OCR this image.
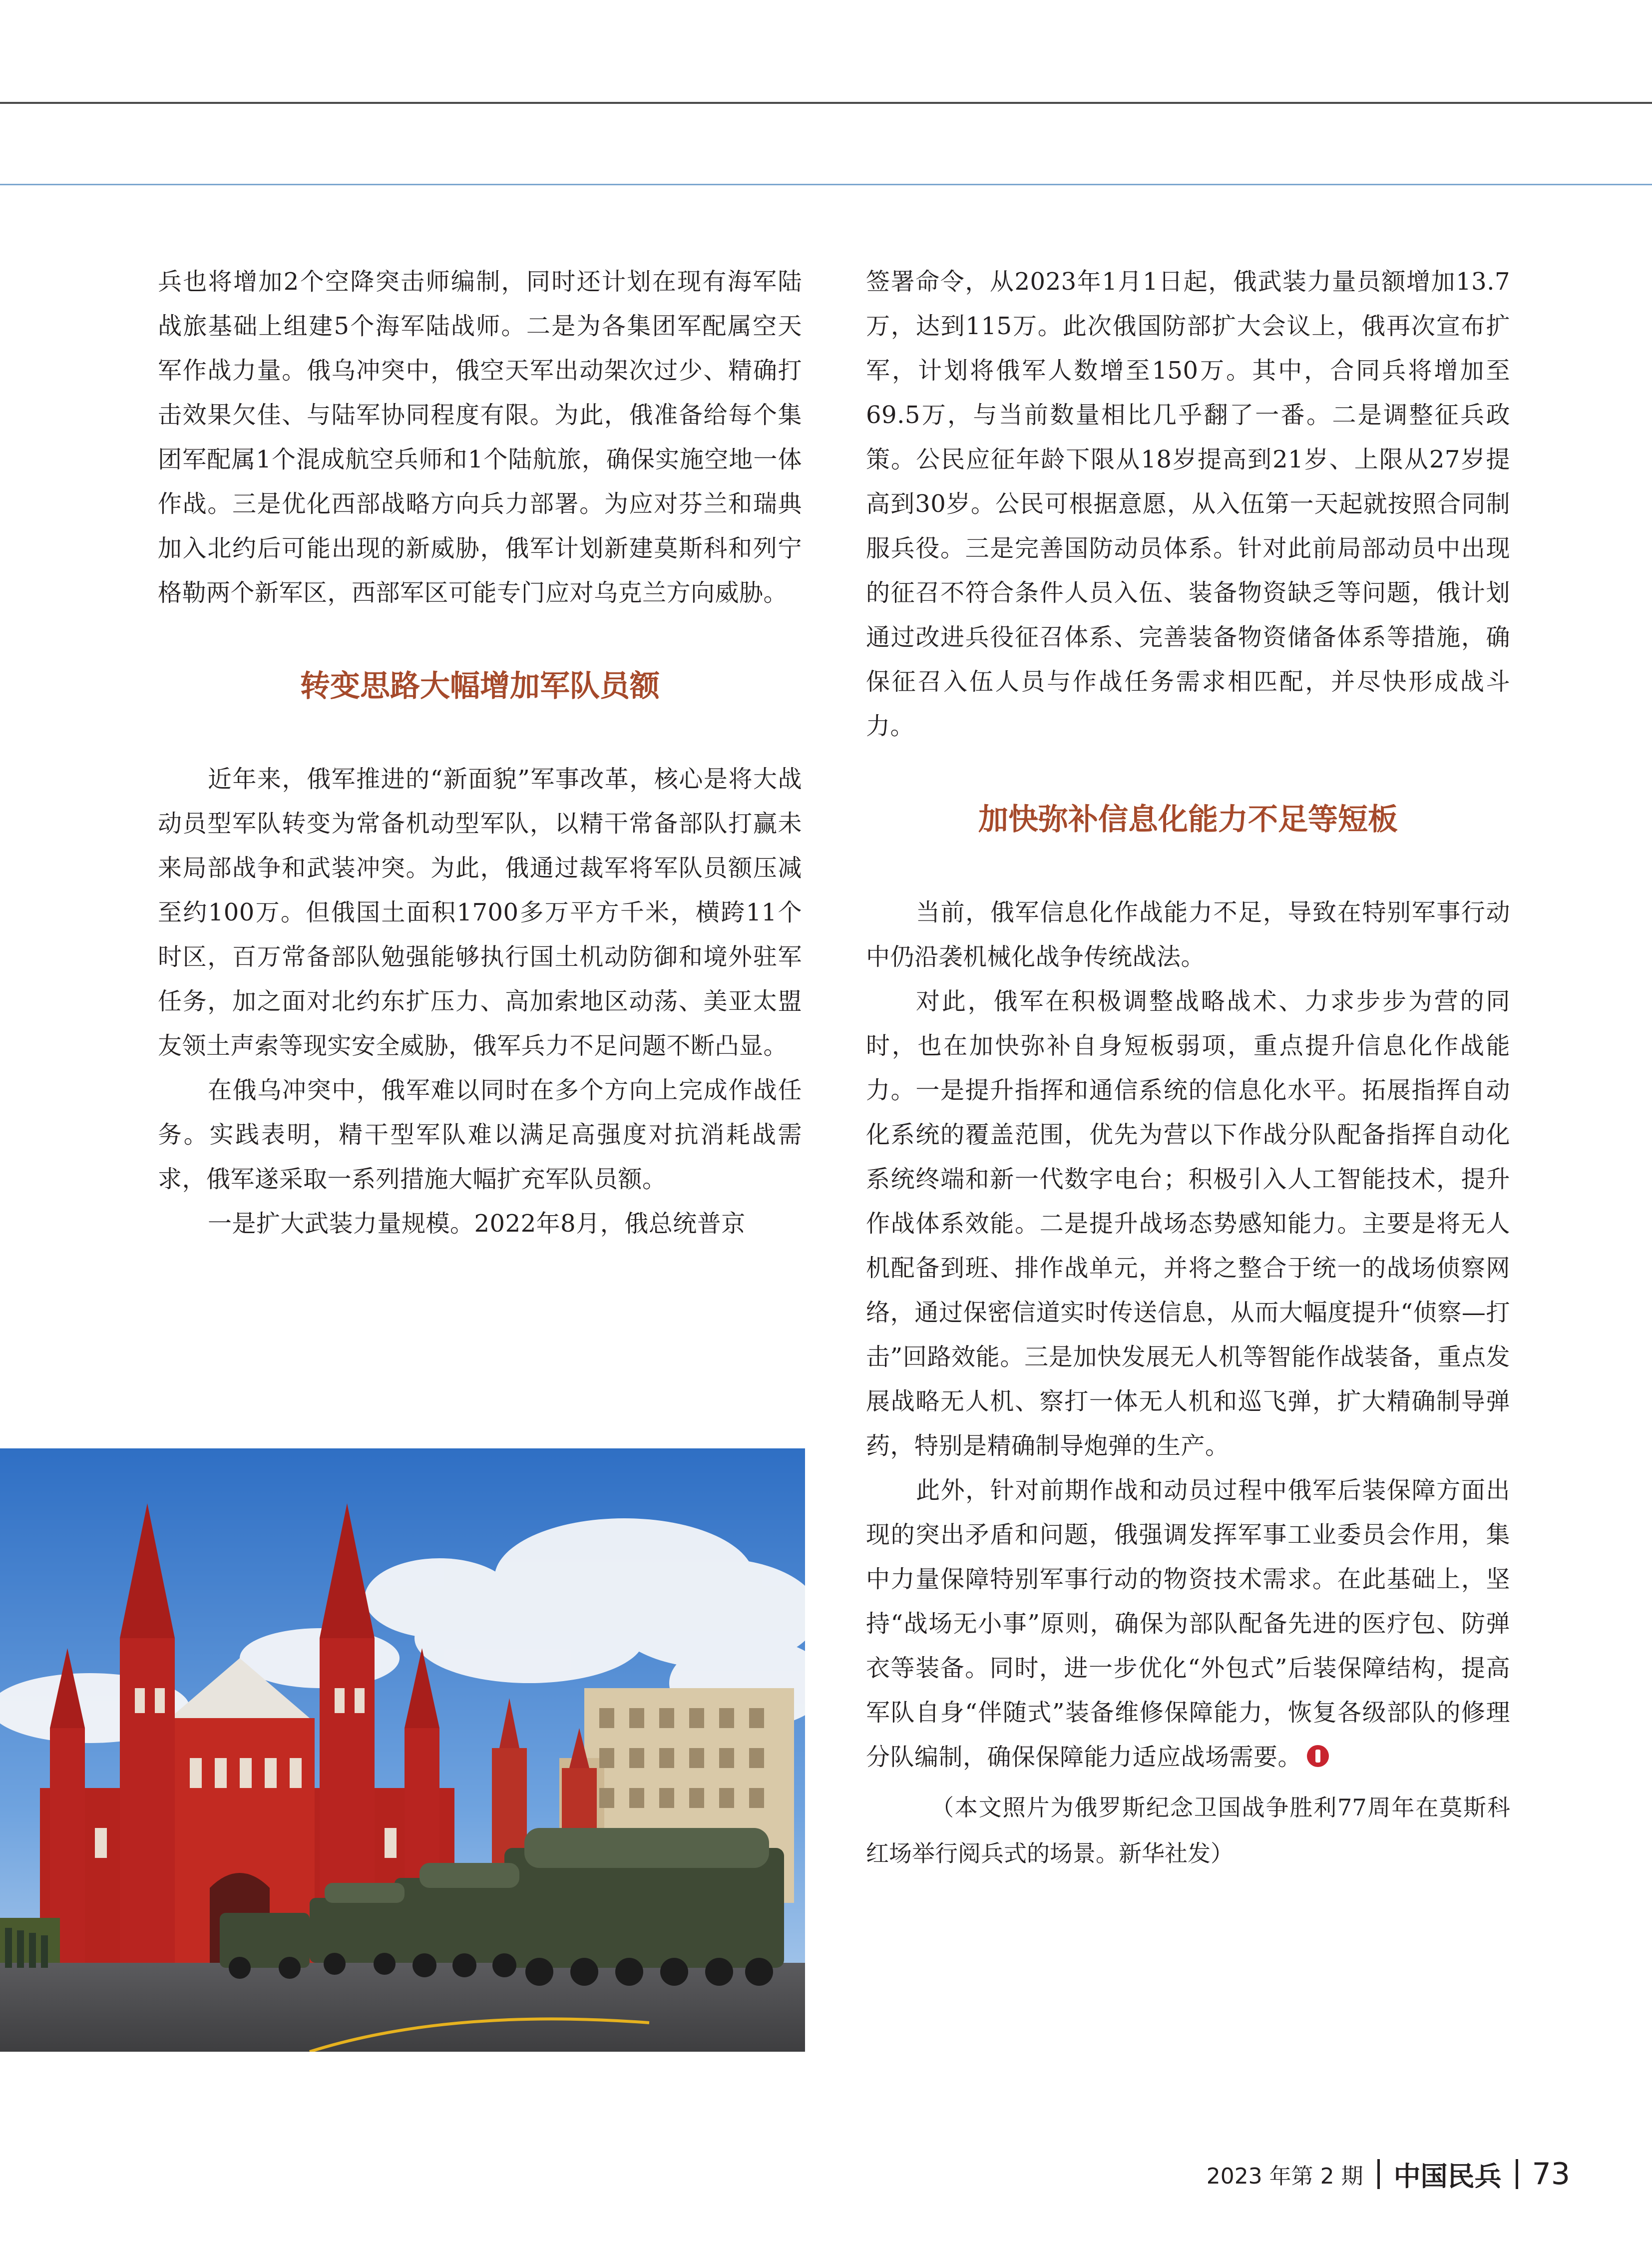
兵也将增加2个空降突击师编制，同时还计划在现有海军陆战旅基础上组建5个海军陆战师。二是为各集团军配属空天军作战力量。俄乌冲突中，俄空天军出动架次过少、精确打击效果欠佳、与陆军协同程度有限。为此，俄准备给每个集团军配属1个混成航空兵师和1个陆航旅，确保实施空地一体作战。三是优化西部战略方向兵力部署。为应对芬兰和瑞典加入北约后可能出现的新威胁，俄军计划新建莫斯科和列宁格勒两个新军区，西部军区可能专门应对乌克兰方向威胁。

转变思路大幅增加军队员额

近年来，俄军推进的“新面貌”军事改革，核心是将大战动员型军队转变为常备机动型军队，以精干常备部队打赢未来局部战争和武装冲突。为此，俄通过裁军将军队员额压减至约100万。但俄国土面积1700多万平方千米，横跨11个时区，百万常备部队勉强能够执行国土机动防御和境外驻军任务，加之面对北约东扩压力、高加索地区动荡、美亚太盟友领土声索等现实安全威胁，俄军兵力不足问题不断凸显。

在俄乌冲突中，俄军难以同时在多个方向上完成作战任务。实践表明，精干型军队难以满足高强度对抗消耗战需求，俄军遂采取一系列措施大幅扩充军队员额。

一是扩大武装力量规模。2022年8月，俄总统普京

签署命令，从2023年1月1日起，俄武装力量员额增加13.7万，达到115万。此次俄国防部扩大会议上，俄再次宣布扩军，计划将俄军人数增至150万。其中，合同兵将增加至69.5万，与当前数量相比几乎翻了一番。二是调整征兵政策。公民应征年龄下限从18岁提高到21岁、上限从27岁提高到30岁。公民可根据意愿，从入伍第一天起就按照合同制服兵役。三是完善国防动员体系。针对此前局部动员中出现的征召不符合条件人员入伍、装备物资缺乏等问题，俄计划通过改进兵役征召体系、完善装备物资储备体系等措施，确保征召入伍人员与作战任务需求相匹配，并尽快形成战斗力。

加快弥补信息化能力不足等短板

当前，俄军信息化作战能力不足，导致在特别军事行动中仍沿袭机械化战争传统战法。

对此，俄军在积极调整战略战术、力求步步为营的同时，也在加快弥补自身短板弱项，重点提升信息化作战能力。一是提升指挥和通信系统的信息化水平。拓展指挥自动化系统的覆盖范围，优先为营以下作战分队配备指挥自动化系统终端和新一代数字电台；积极引入人工智能技术，提升作战体系效能。二是提升战场态势感知能力。主要是将无人机配备到班、排作战单元，并将之整合于统一的战场侦察网络，通过保密信道实时传送信息，从而大幅度提升“侦察—打击”回路效能。三是加快发展无人机等智能作战装备，重点发展战略无人机、察打一体无人机和巡飞弹，扩大精确制导弹药，特别是精确制导炮弹的生产。

此外，针对前期作战和动员过程中俄军后装保障方面出现的突出矛盾和问题，俄强调发挥军事工业委员会作用，集中力量保障特别军事行动的物资技术需求。在此基础上，坚持“战场无小事”原则，确保为部队配备先进的医疗包、防弹衣等装备。同时，进一步优化“外包式”后装保障结构，提高军队自身“伴随式”装备维修保障能力，恢复各级部队的修理分队编制，确保保障能力适应战场需要。

（本文照片为俄罗斯纪念卫国战争胜利77周年在莫斯科红场举行阅兵式的场景。新华社发）

2023 年第 2 期 中国民兵 73
